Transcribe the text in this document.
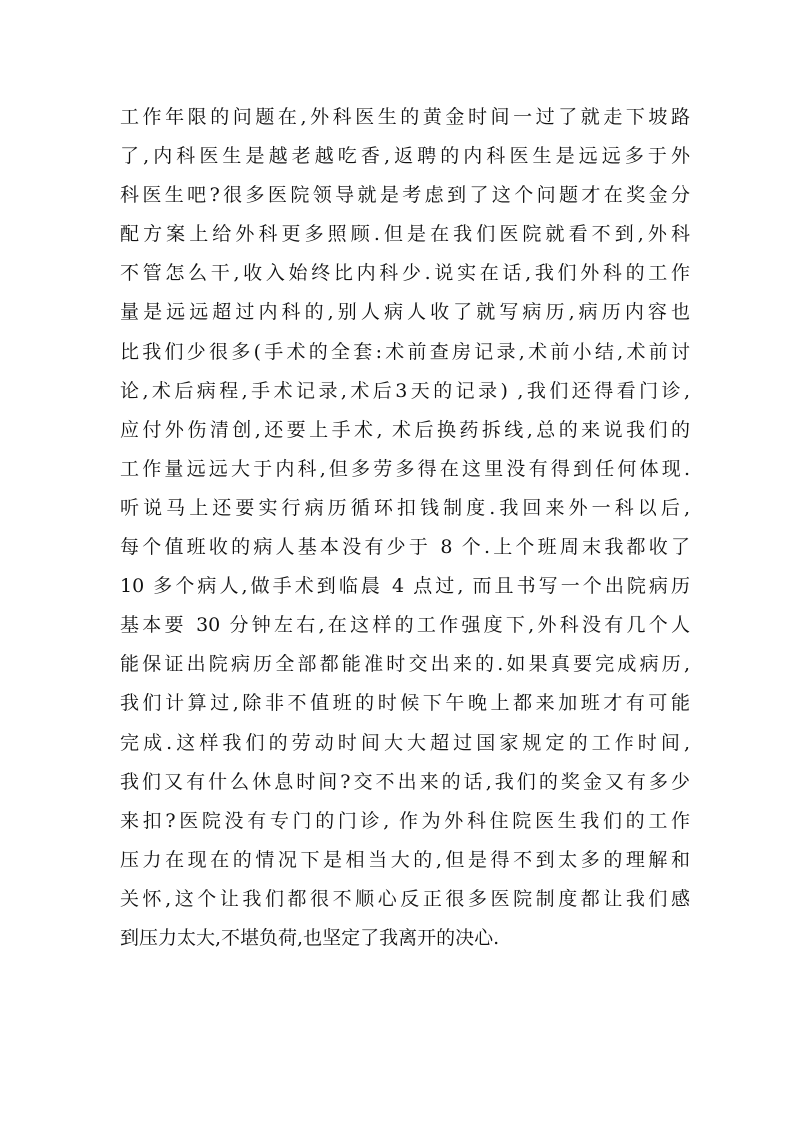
工作年限的问题在,外科医生的黄金时间一过了就走下坡路
了,内科医生是越老越吃香,返聘的内科医生是远远多于外
科医生吧?很多医院领导就是考虑到了这个问题才在奖金分
配方案上给外科更多照顾.但是在我们医院就看不到,外科
不管怎么干,收入始终比内科少.说实在话,我们外科的工作
量是远远超过内科的,别人病人收了就写病历,病历内容也
比我们少很多(手术的全套:术前查房记录,术前小结,术前讨
论,术后病程,手术记录,术后3天的记录) ,我们还得看门诊,
应付外伤清创,还要上手术, 术后换药拆线,总的来说我们的
工作量远远大于内科,但多劳多得在这里没有得到任何体现.
听说马上还要实行病历循环扣钱制度.我回来外一科以后,
每个值班收的病人基本没有少于 8 个.上个班周末我都收了
10 多个病人,做手术到临晨 4 点过, 而且书写一个出院病历
基本要 30 分钟左右,在这样的工作强度下,外科没有几个人
能保证出院病历全部都能准时交出来的.如果真要完成病历,
我们计算过,除非不值班的时候下午晚上都来加班才有可能
完成.这样我们的劳动时间大大超过国家规定的工作时间,
我们又有什么休息时间?交不出来的话,我们的奖金又有多少
来扣?医院没有专门的门诊, 作为外科住院医生我们的工作
压力在现在的情况下是相当大的,但是得不到太多的理解和
关怀,这个让我们都很不顺心反正很多医院制度都让我们感
到压力太大,不堪负荷,也坚定了我离开的决心.
